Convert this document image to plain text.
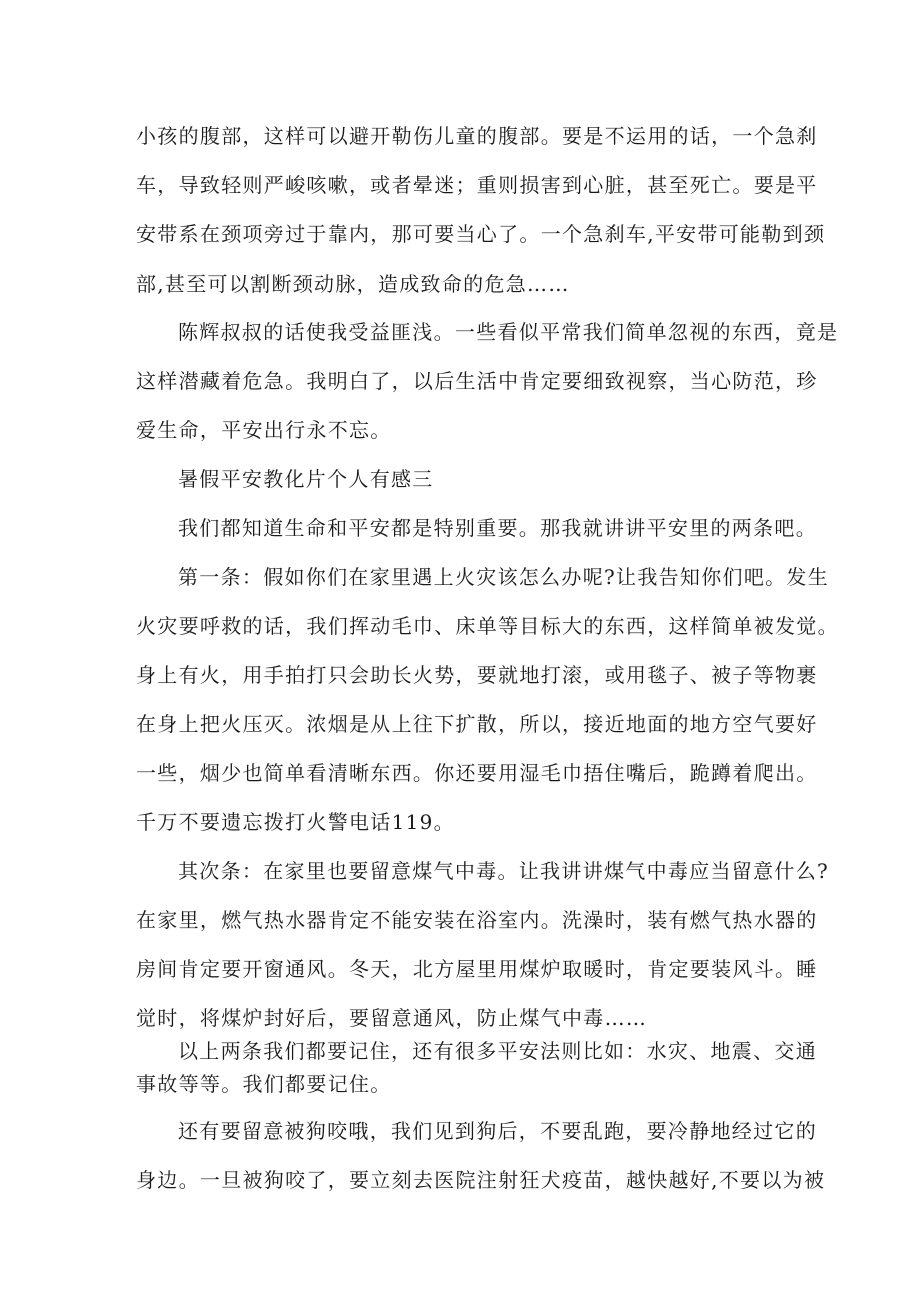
小孩的腹部，这样可以避开勒伤儿童的腹部。要是不运用的话，一个急刹
车，导致轻则严峻咳嗽，或者晕迷；重则损害到心脏，甚至死亡。要是平
安带系在颈项旁过于靠内，那可要当心了。一个急刹车,平安带可能勒到颈
部,甚至可以割断颈动脉，造成致命的危急……
陈辉叔叔的话使我受益匪浅。一些看似平常我们简单忽视的东西，竟是
这样潜藏着危急。我明白了，以后生活中肯定要细致视察，当心防范，珍
爱生命，平安出行永不忘。
暑假平安教化片个人有感三
我们都知道生命和平安都是特别重要。那我就讲讲平安里的两条吧。
第一条：假如你们在家里遇上火灾该怎么办呢?让我告知你们吧。发生
火灾要呼救的话，我们挥动毛巾、床单等目标大的东西，这样简单被发觉。
身上有火，用手拍打只会助长火势，要就地打滚，或用毯子、被子等物裹
在身上把火压灭。浓烟是从上往下扩散，所以，接近地面的地方空气要好
一些，烟少也简单看清晰东西。你还要用湿毛巾捂住嘴后，跪蹲着爬出。
千万不要遗忘拨打火警电话119。
其次条：在家里也要留意煤气中毒。让我讲讲煤气中毒应当留意什么?
在家里，燃气热水器肯定不能安装在浴室内。洗澡时，装有燃气热水器的
房间肯定要开窗通风。冬天，北方屋里用煤炉取暖时，肯定要装风斗。睡
觉时，将煤炉封好后，要留意通风，防止煤气中毒……
以上两条我们都要记住，还有很多平安法则比如：水灾、地震、交通
事故等等。我们都要记住。
还有要留意被狗咬哦，我们见到狗后，不要乱跑，要冷静地经过它的
身边。一旦被狗咬了，要立刻去医院注射狂犬疫苗，越快越好,不要以为被
